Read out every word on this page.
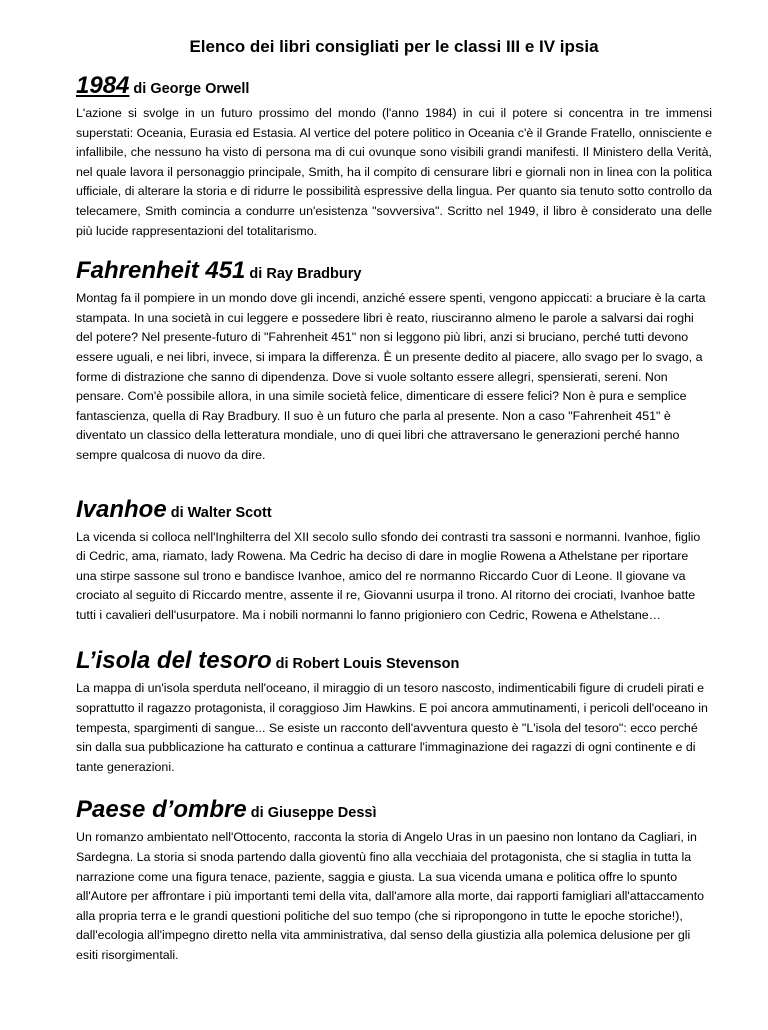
Elenco dei libri consigliati per le classi III e IV ipsia
1984 di George Orwell

L'azione si svolge in un futuro prossimo del mondo (l'anno 1984) in cui il potere si concentra in tre immensi superstati: Oceania, Eurasia ed Estasia. Al vertice del potere politico in Oceania c'è il Grande Fratello, onnisciente e infallibile, che nessuno ha visto di persona ma di cui ovunque sono visibili grandi manifesti. Il Ministero della Verità, nel quale lavora il personaggio principale, Smith, ha il compito di censurare libri e giornali non in linea con la politica ufficiale, di alterare la storia e di ridurre le possibilità espressive della lingua. Per quanto sia tenuto sotto controllo da telecamere, Smith comincia a condurre un'esistenza "sovversiva". Scritto nel 1949, il libro è considerato una delle più lucide rappresentazioni del totalitarismo.

Fahrenheit 451 di Ray Bradbury

Montag fa il pompiere in un mondo dove gli incendi, anziché essere spenti, vengono appiccati: a bruciare è la carta stampata. In una società in cui leggere e possedere libri è reato, riusciranno almeno le parole a salvarsi dai roghi del potere? Nel presente-futuro di "Fahrenheit 451" non si leggono più libri, anzi si bruciano, perché tutti devono essere uguali, e nei libri, invece, si impara la differenza. È un presente dedito al piacere, allo svago per lo svago, a forme di distrazione che sanno di dipendenza. Dove si vuole soltanto essere allegri, spensierati, sereni. Non pensare. Com'è possibile allora, in una simile società felice, dimenticare di essere felici? Non è pura e semplice fantascienza, quella di Ray Bradbury. Il suo è un futuro che parla al presente. Non a caso "Fahrenheit 451" è diventato un classico della letteratura mondiale, uno di quei libri che attraversano le generazioni perché hanno sempre qualcosa di nuovo da dire.

Ivanhoe di Walter Scott

La vicenda si colloca nell'Inghilterra del XII secolo sullo sfondo dei contrasti tra sassoni e normanni. Ivanhoe, figlio di Cedric, ama, riamato, lady Rowena. Ma Cedric ha deciso di dare in moglie Rowena a Athelstane per riportare una stirpe sassone sul trono e bandisce Ivanhoe, amico del re normanno Riccardo Cuor di Leone. Il giovane va crociato al seguito di Riccardo mentre, assente il re, Giovanni usurpa il trono. Al ritorno dei crociati, Ivanhoe batte tutti i cavalieri dell'usurpatore. Ma i nobili normanni lo fanno prigioniero con Cedric, Rowena e Athelstane…

L’isola del tesoro di Robert Louis Stevenson

La mappa di un'isola sperduta nell'oceano, il miraggio di un tesoro nascosto, indimenticabili figure di crudeli pirati e soprattutto il ragazzo protagonista, il coraggioso Jim Hawkins. E poi ancora ammutinamenti, i pericoli dell'oceano in tempesta, spargimenti di sangue... Se esiste un racconto dell'avventura questo è "L'isola del tesoro": ecco perché sin dalla sua pubblicazione ha catturato e continua a catturare l'immaginazione dei ragazzi di ogni continente e di tante generazioni.

Paese d’ombre di Giuseppe Dessì

Un romanzo ambientato nell'Ottocento, racconta la storia di Angelo Uras in un paesino non lontano da Cagliari, in Sardegna. La storia si snoda partendo dalla gioventù fino alla vecchiaia del protagonista, che si staglia in tutta la narrazione come una figura tenace, paziente, saggia e giusta. La sua vicenda umana e politica offre lo spunto all'Autore per affrontare i più importanti temi della vita, dall'amore alla morte, dai rapporti famigliari all'attaccamento alla propria terra e le grandi questioni politiche del suo tempo (che si ripropongono in tutte le epoche storiche!), dall'ecologia all'impegno diretto nella vita amministrativa, dal senso della giustizia alla polemica delusione per gli esiti risorgimentali.
